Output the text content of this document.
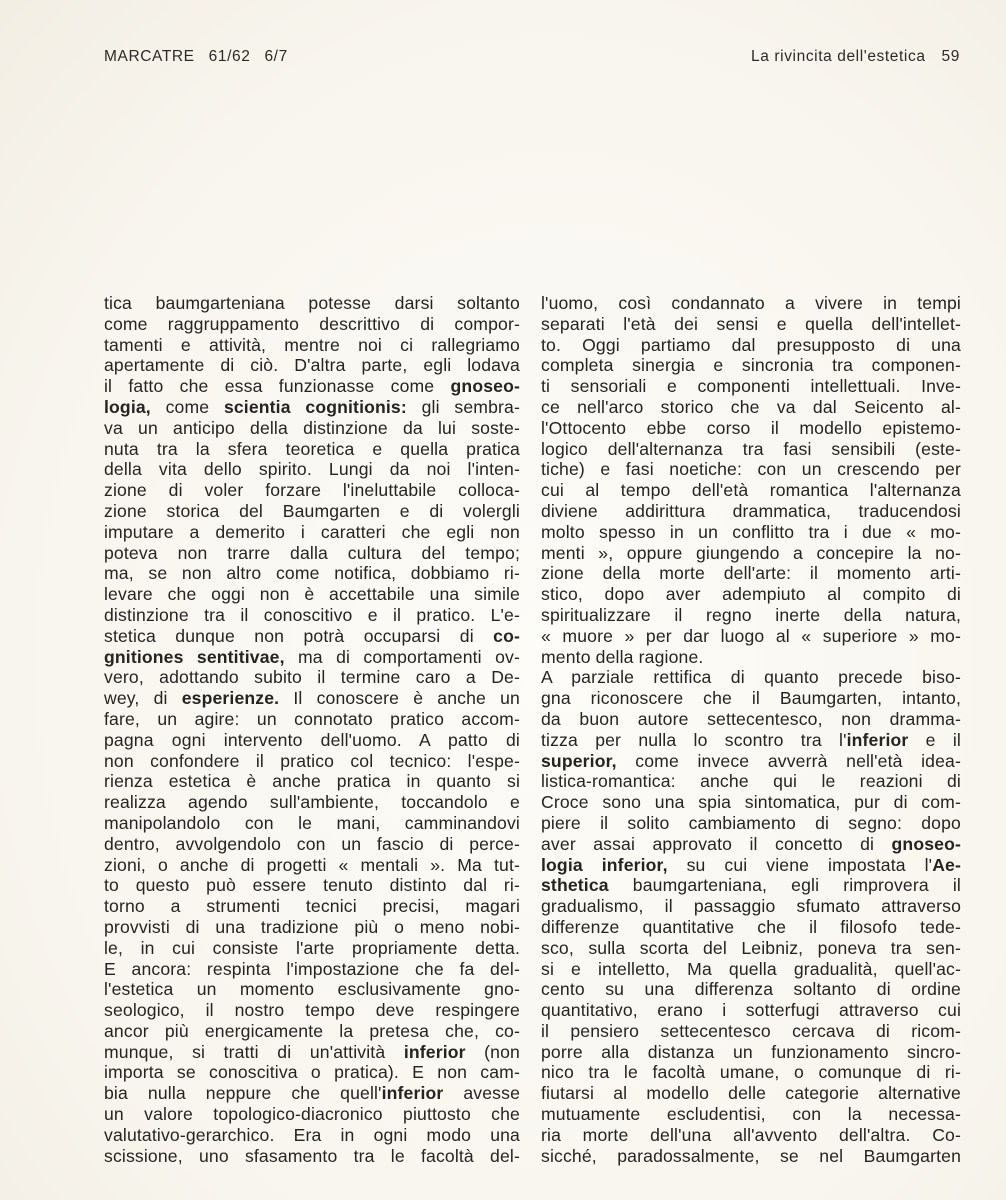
MARCATRE 61/62 6/7	La rivincita dell'estetica 59
tica baumgarteniana potesse darsi soltanto
come raggruppamento descrittivo di compor-
tamenti e attività, mentre noi ci rallegriamo
apertamente di ciò. D'altra parte, egli lodava
il fatto che essa funzionasse come gnoseo-
logia, come scientia cognitionis: gli sembra-
va un anticipo della distinzione da lui soste-
nuta tra la sfera teoretica e quella pratica
della vita dello spirito. Lungi da noi l'inten-
zione di voler forzare l'ineluttabile colloca-
zione storica del Baumgarten e di volergli
imputare a demerito i caratteri che egli non
poteva non trarre dalla cultura del tempo;
ma, se non altro come notifica, dobbiamo ri-
levare che oggi non è accettabile una simile
distinzione tra il conoscitivo e il pratico. L'e-
stetica dunque non potrà occuparsi di co-
gnitiones sentitivae, ma di comportamenti ov-
vero, adottando subito il termine caro a De-
wey, di esperienze. Il conoscere è anche un
fare, un agire: un connotato pratico accom-
pagna ogni intervento dell'uomo. A patto di
non confondere il pratico col tecnico: l'espe-
rienza estetica è anche pratica in quanto si
realizza agendo sull'ambiente, toccandolo e
manipolandolo con le mani, camminandovi
dentro, avvolgendolo con un fascio di perce-
zioni, o anche di progetti « mentali ». Ma tut-
to questo può essere tenuto distinto dal ri-
torno a strumenti tecnici precisi, magari
provvisti di una tradizione più o meno nobi-
le, in cui consiste l'arte propriamente detta.
E ancora: respinta l'impostazione che fa del-
l'estetica un momento esclusivamente gno-
seologico, il nostro tempo deve respingere
ancor più energicamente la pretesa che, co-
munque, si tratti di un'attività inferior (non
importa se conoscitiva o pratica). E non cam-
bia nulla neppure che quell'inferior avesse
un valore topologico-diacronico piuttosto che
valutativo-gerarchico. Era in ogni modo una
scissione, uno sfasamento tra le facoltà del-
l'uomo, così condannato a vivere in tempi
separati l'età dei sensi e quella dell'intellet-
to. Oggi partiamo dal presupposto di una
completa sinergia e sincronia tra componen-
ti sensoriali e componenti intellettuali. Inve-
ce nell'arco storico che va dal Seicento al-
l'Ottocento ebbe corso il modello epistemo-
logico dell'alternanza tra fasi sensibili (este-
tiche) e fasi noetiche: con un crescendo per
cui al tempo dell'età romantica l'alternanza
diviene addirittura drammatica, traducendosi
molto spesso in un conflitto tra i due « mo-
menti », oppure giungendo a concepire la no-
zione della morte dell'arte: il momento arti-
stico, dopo aver adempiuto al compito di
spiritualizzare il regno inerte della natura,
« muore » per dar luogo al « superiore » mo-
mento della ragione.
A parziale rettifica di quanto precede biso-
gna riconoscere che il Baumgarten, intanto,
da buon autore settecentesco, non dramma-
tizza per nulla lo scontro tra l'inferior e il
superior, come invece avverrà nell'età idea-
listica-romantica: anche qui le reazioni di
Croce sono una spia sintomatica, pur di com-
piere il solito cambiamento di segno: dopo
aver assai approvato il concetto di gnoseo-
logia inferior, su cui viene impostata l'Ae-
sthetica baumgarteniana, egli rimprovera il
gradualismo, il passaggio sfumato attraverso
differenze quantitative che il filosofo tede-
sco, sulla scorta del Leibniz, poneva tra sen-
si e intelletto, Ma quella gradualità, quell'ac-
cento su una differenza soltanto di ordine
quantitativo, erano i sotterfugi attraverso cui
il pensiero settecentesco cercava di ricom-
porre alla distanza un funzionamento sincro-
nico tra le facoltà umane, o comunque di ri-
fiutarsi al modello delle categorie alternative
mutuamente escludentisi, con la necessa-
ria morte dell'una all'avvento dell'altra. Co-
sicché, paradossalmente, se nel Baumgarten
